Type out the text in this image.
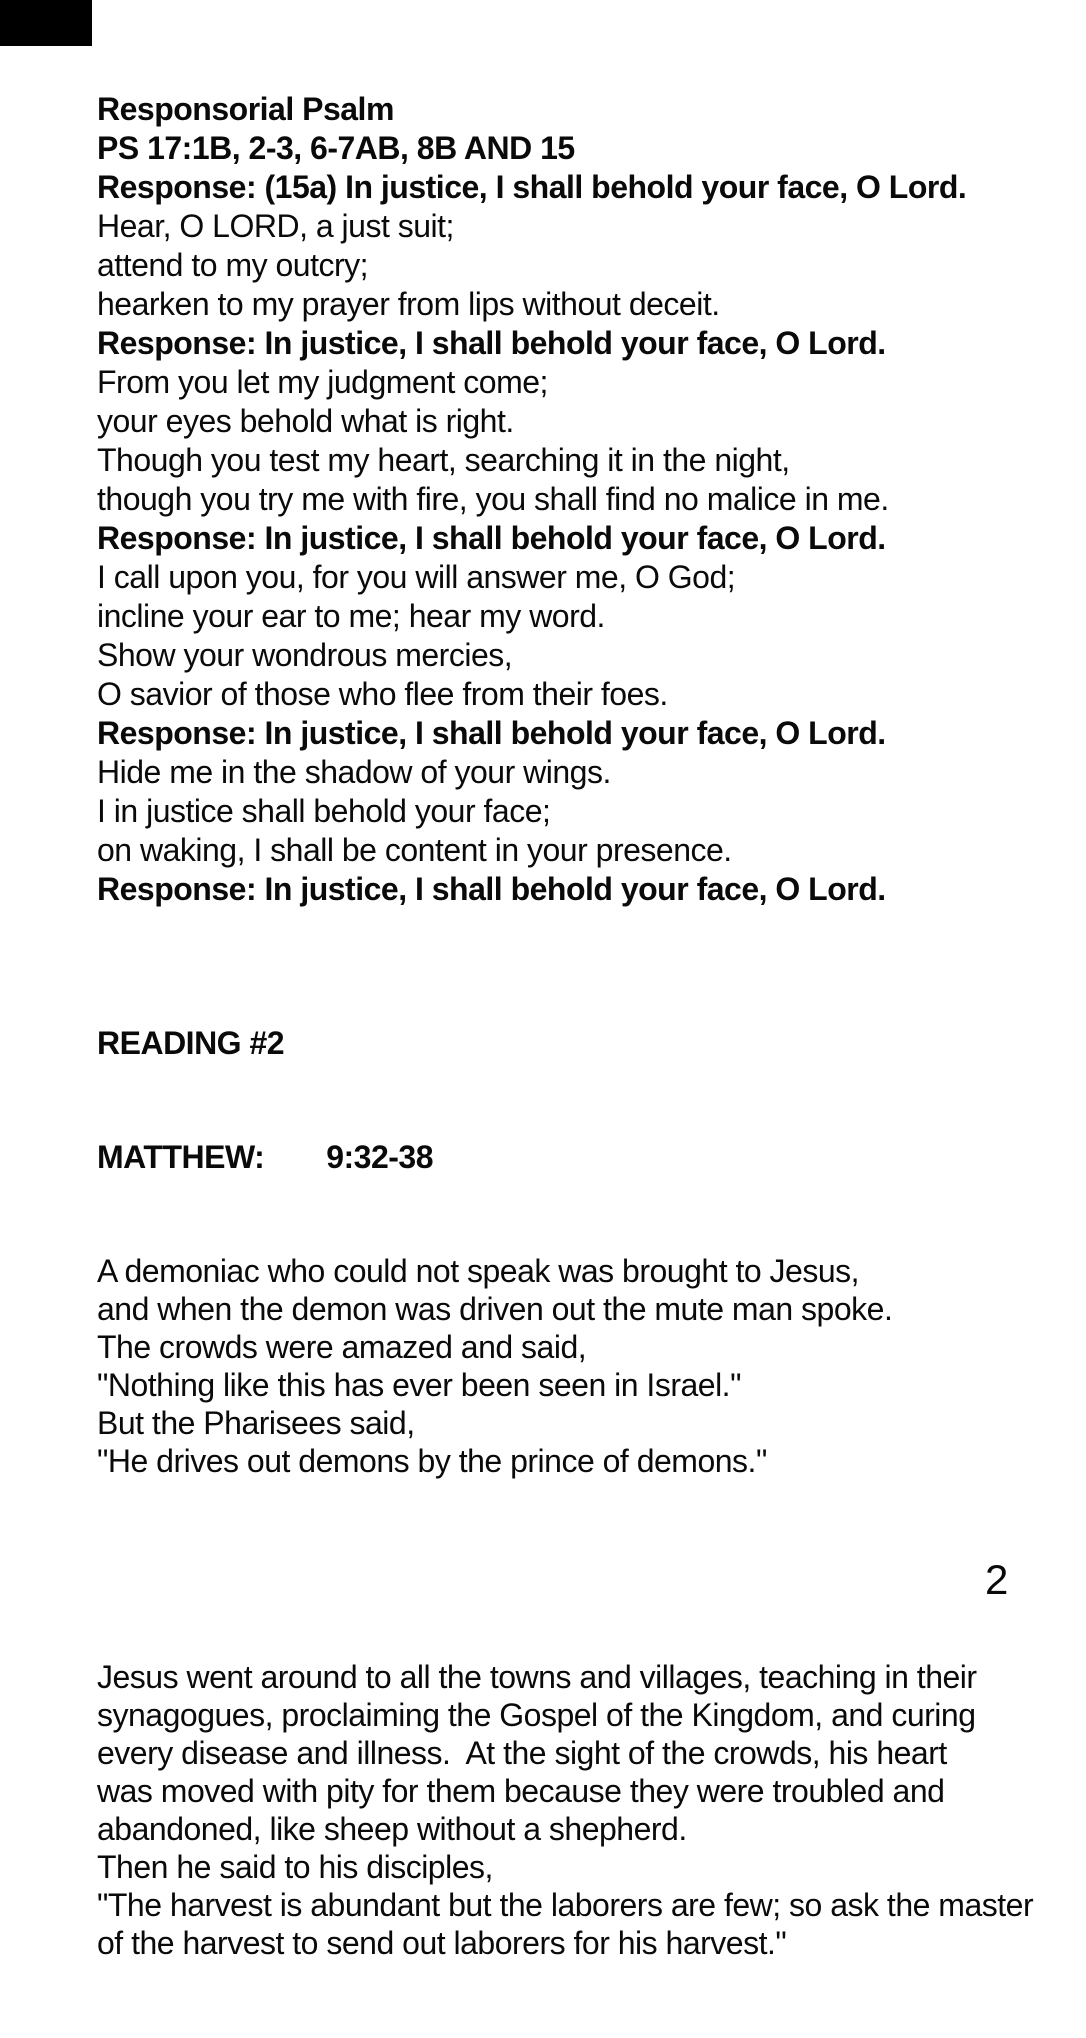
Responsorial Psalm
PS 17:1B, 2-3, 6-7AB, 8B AND 15
Response: (15a) In justice, I shall behold your face, O Lord.
Hear, O LORD, a just suit;
attend to my outcry;
hearken to my prayer from lips without deceit.
Response: In justice, I shall behold your face, O Lord.
From you let my judgment come;
your eyes behold what is right.
Though you test my heart, searching it in the night,
though you try me with fire, you shall find no malice in me.
Response: In justice, I shall behold your face, O Lord.
I call upon you, for you will answer me, O God;
incline your ear to me; hear my word.
Show your wondrous mercies,
O savior of those who flee from their foes.
Response: In justice, I shall behold your face, O Lord.
Hide me in the shadow of your wings.
I in justice shall behold your face;
on waking, I shall be content in your presence.
Response: In justice, I shall behold your face, O Lord.

READING #2

MATTHEW: 9:32-38

A demoniac who could not speak was brought to Jesus,
and when the demon was driven out the mute man spoke.
The crowds were amazed and said,
"Nothing like this has ever been seen in Israel."
But the Pharisees said,
"He drives out demons by the prince of demons."

Jesus went around to all the towns and villages, teaching in their
synagogues, proclaiming the Gospel of the Kingdom, and curing
every disease and illness.  At the sight of the crowds, his heart
was moved with pity for them because they were troubled and
abandoned, like sheep without a shepherd.
Then he said to his disciples,
"The harvest is abundant but the laborers are few; so ask the master
of the harvest to send out laborers for his harvest."

2
